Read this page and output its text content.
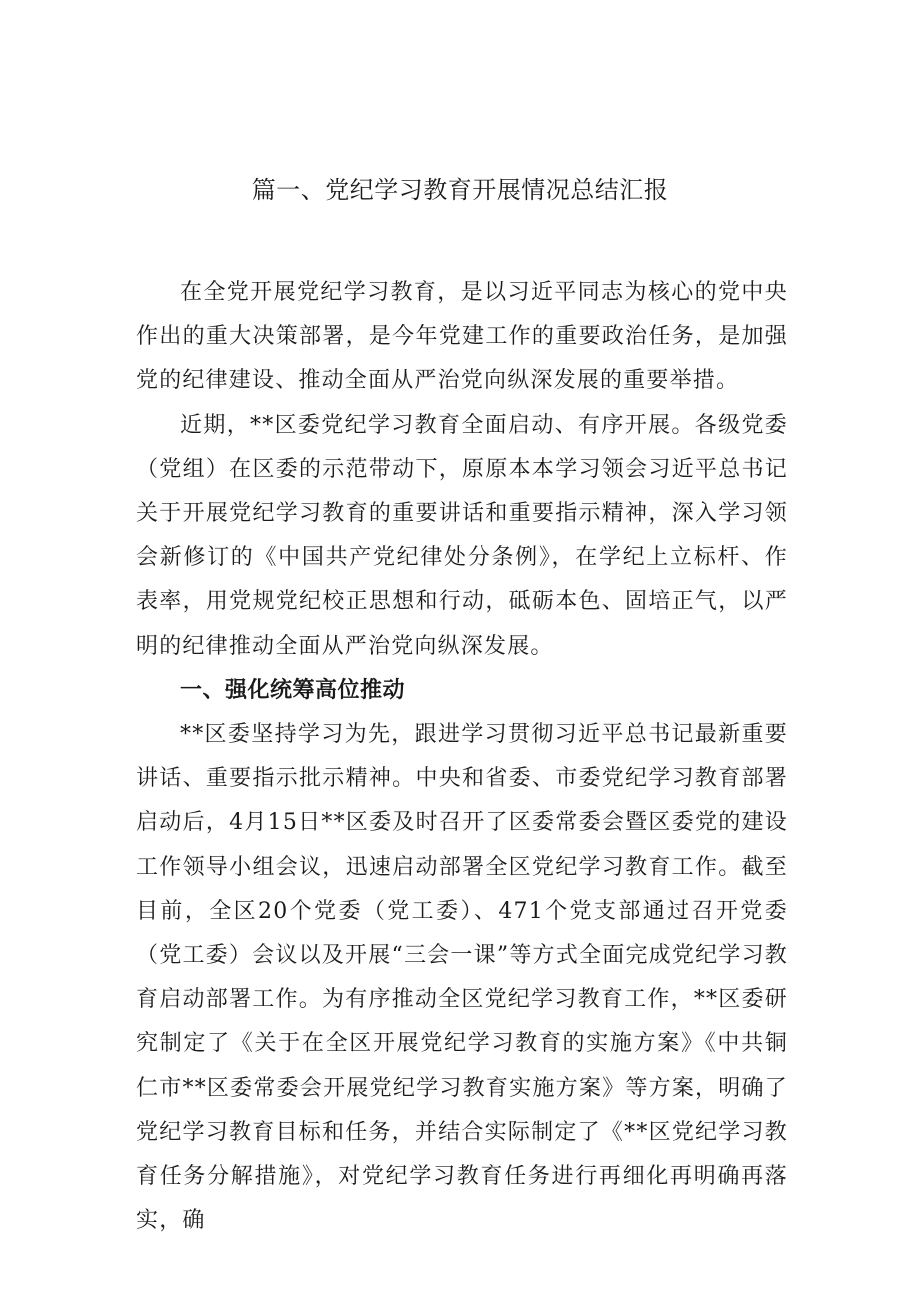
篇一、党纪学习教育开展情况总结汇报

在全党开展党纪学习教育，是以习近平同志为核心的党中央作出的重大决策部署，是今年党建工作的重要政治任务，是加强党的纪律建设、推动全面从严治党向纵深发展的重要举措。

近期，**区委党纪学习教育全面启动、有序开展。各级党委（党组）在区委的示范带动下，原原本本学习领会习近平总书记关于开展党纪学习教育的重要讲话和重要指示精神，深入学习领会新修订的《中国共产党纪律处分条例》，在学纪上立标杆、作表率，用党规党纪校正思想和行动，砥砺本色、固培正气，以严明的纪律推动全面从严治党向纵深发展。

一、强化统筹高位推动

**区委坚持学习为先，跟进学习贯彻习近平总书记最新重要讲话、重要指示批示精神。中央和省委、市委党纪学习教育部署启动后，4月15日**区委及时召开了区委常委会暨区委党的建设工作领导小组会议，迅速启动部署全区党纪学习教育工作。截至目前，全区20个党委（党工委）、471个党支部通过召开党委（党工委）会议以及开展“三会一课”等方式全面完成党纪学习教育启动部署工作。为有序推动全区党纪学习教育工作，**区委研究制定了《关于在全区开展党纪学习教育的实施方案》《中共铜仁市**区委常委会开展党纪学习教育实施方案》等方案，明确了党纪学习教育目标和任务，并结合实际制定了《**区党纪学习教育任务分解措施》，对党纪学习教育任务进行再细化再明确再落实，确
